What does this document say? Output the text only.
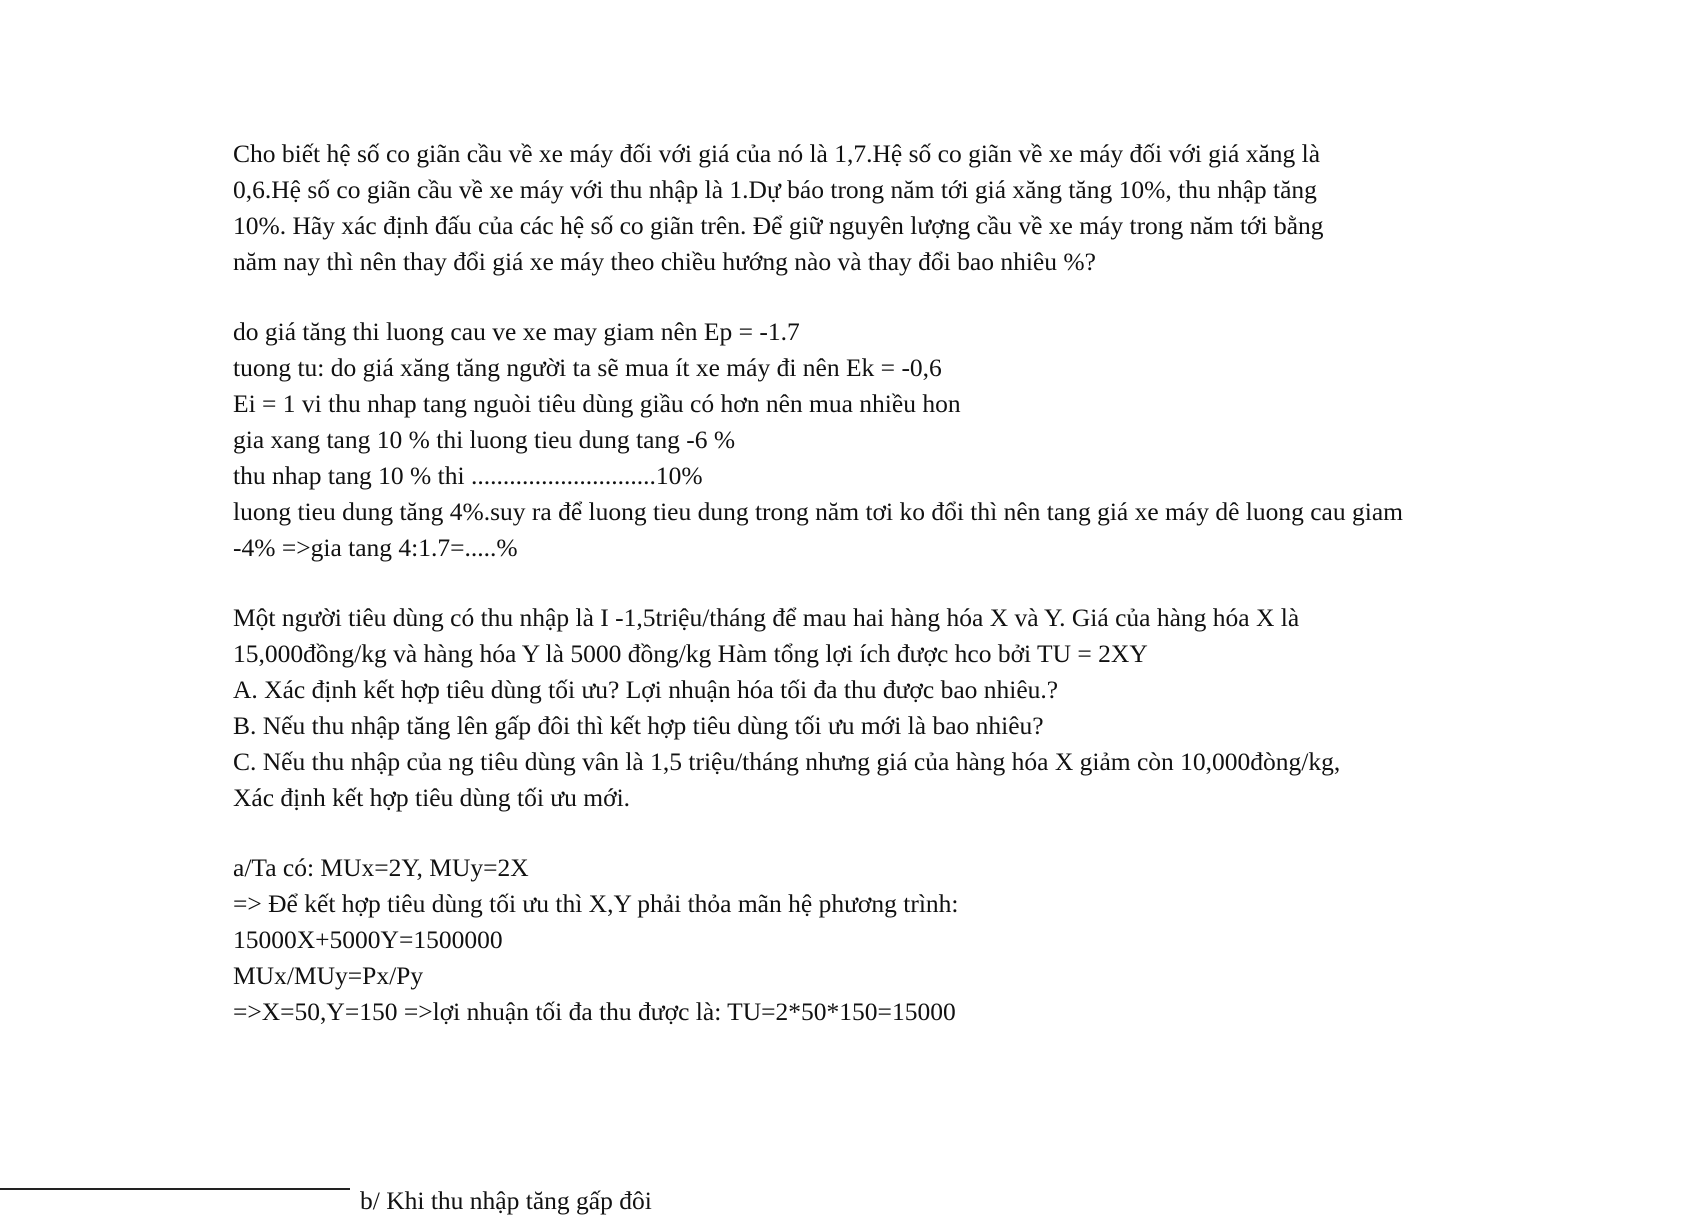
Cho biết hệ số co giãn cầu về xe máy đối với giá của nó là 1,7.Hệ số co giãn về xe máy đối với giá xăng là
0,6.Hệ số co giãn cầu về xe máy với thu nhập là 1.Dự báo trong năm tới giá xăng tăng 10%, thu nhập tăng
10%. Hãy xác định đấu của các hệ số co giãn trên. Để giữ nguyên lượng cầu về xe máy trong năm tới bằng
năm nay thì nên thay đổi giá xe máy theo chiều hướng nào và thay đổi bao nhiêu %?
do giá tăng thi luong cau ve xe may giam nên Ep = -1.7
tuong tu: do giá xăng tăng người ta sẽ mua ít xe máy đi nên Ek = -0,6
Ei = 1 vi thu nhap tang nguòi tiêu dùng giầu có hơn nên mua nhiều hon
gia xang tang 10 % thi luong tieu dung tang -6 %
thu nhap tang 10 % thi .............................10%
luong tieu dung tăng 4%.suy ra để luong tieu dung trong năm tơi ko đổi thì nên tang giá xe máy dê luong cau giam
-4% =>gia tang 4:1.7=.....%
Một người tiêu dùng có thu nhập là I -1,5triệu/tháng để mau hai hàng hóa X và Y. Giá của hàng hóa X là
15,000đồng/kg và hàng hóa Y là 5000 đồng/kg Hàm tổng lợi ích được hco bởi TU = 2XY
A. Xác định kết hợp tiêu dùng tối ưu? Lợi nhuận hóa tối đa thu được bao nhiêu.?
B. Nếu thu nhập tăng lên gấp đôi thì kết hợp tiêu dùng tối ưu mới là bao nhiêu?
C. Nếu thu nhập của ng tiêu dùng vân là 1,5 triệu/tháng nhưng giá của hàng hóa X giảm còn 10,000đòng/kg,
Xác định kết hợp tiêu dùng tối ưu mới.
a/Ta có: MUx=2Y, MUy=2X
=> Để kết hợp tiêu dùng tối ưu thì X,Y phải thỏa mãn hệ phương trình:
15000X+5000Y=1500000
MUx/MUy=Px/Py
=>X=50,Y=150 =>lợi nhuận tối đa thu được là: TU=2*50*150=15000
b/ Khi thu nhập tăng gấp đôi
